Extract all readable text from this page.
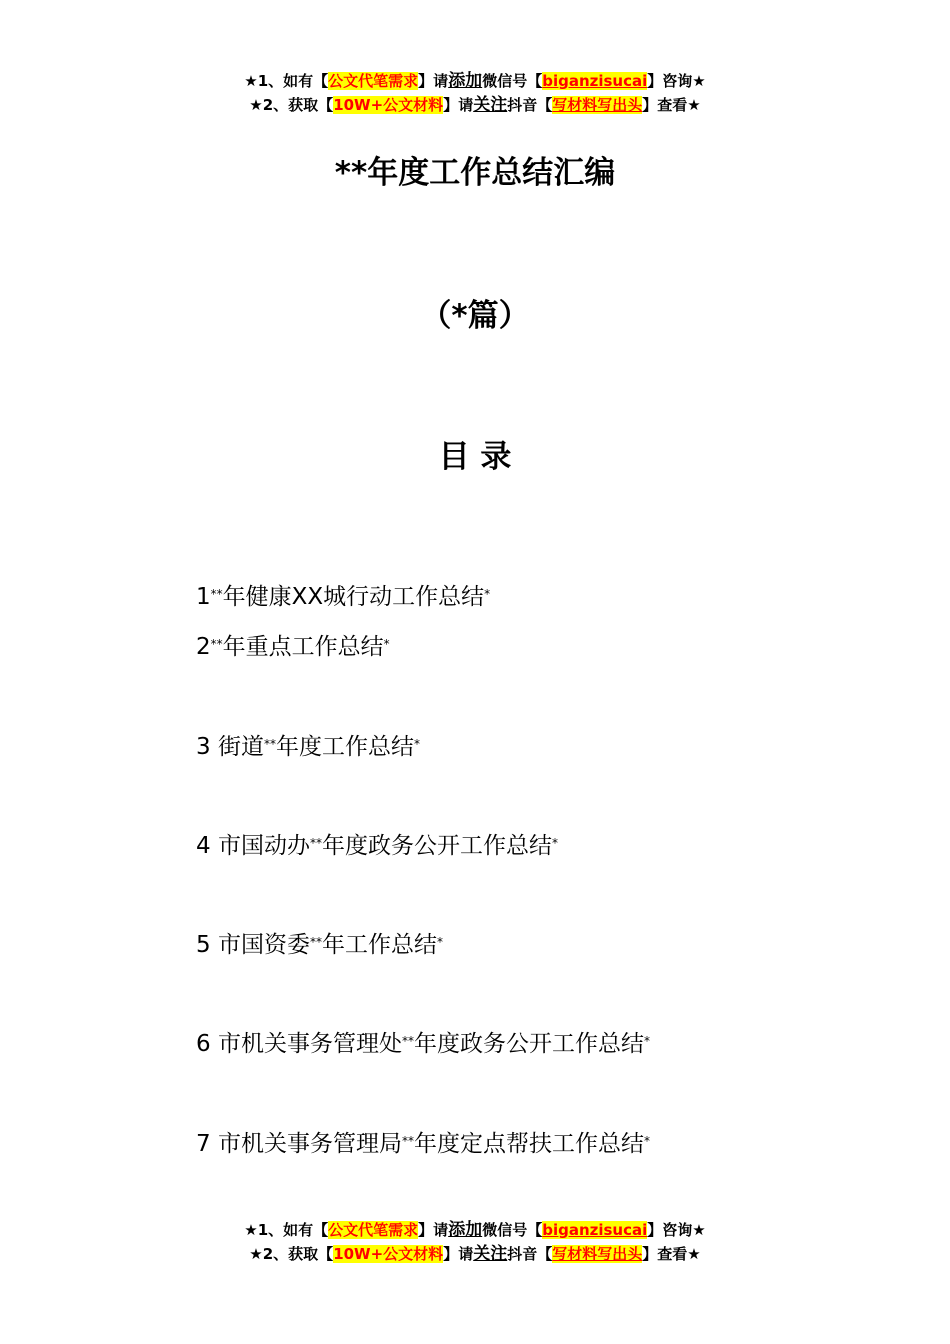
★1、如有【公文代笔需求】请添加微信号【biganzisucai】咨询★
★2、获取【10W+公文材料】请关注抖音【写材料写出头】查看★
**年度工作总结汇编
（*篇）
目 录
1**年健康XX城行动工作总结*
2**年重点工作总结*
3 街道**年度工作总结*
4 市国动办**年度政务公开工作总结*
5 市国资委**年工作总结*
6 市机关事务管理处**年度政务公开工作总结*
7 市机关事务管理局**年度定点帮扶工作总结*
★1、如有【公文代笔需求】请添加微信号【biganzisucai】咨询★
★2、获取【10W+公文材料】请关注抖音【写材料写出头】查看★
